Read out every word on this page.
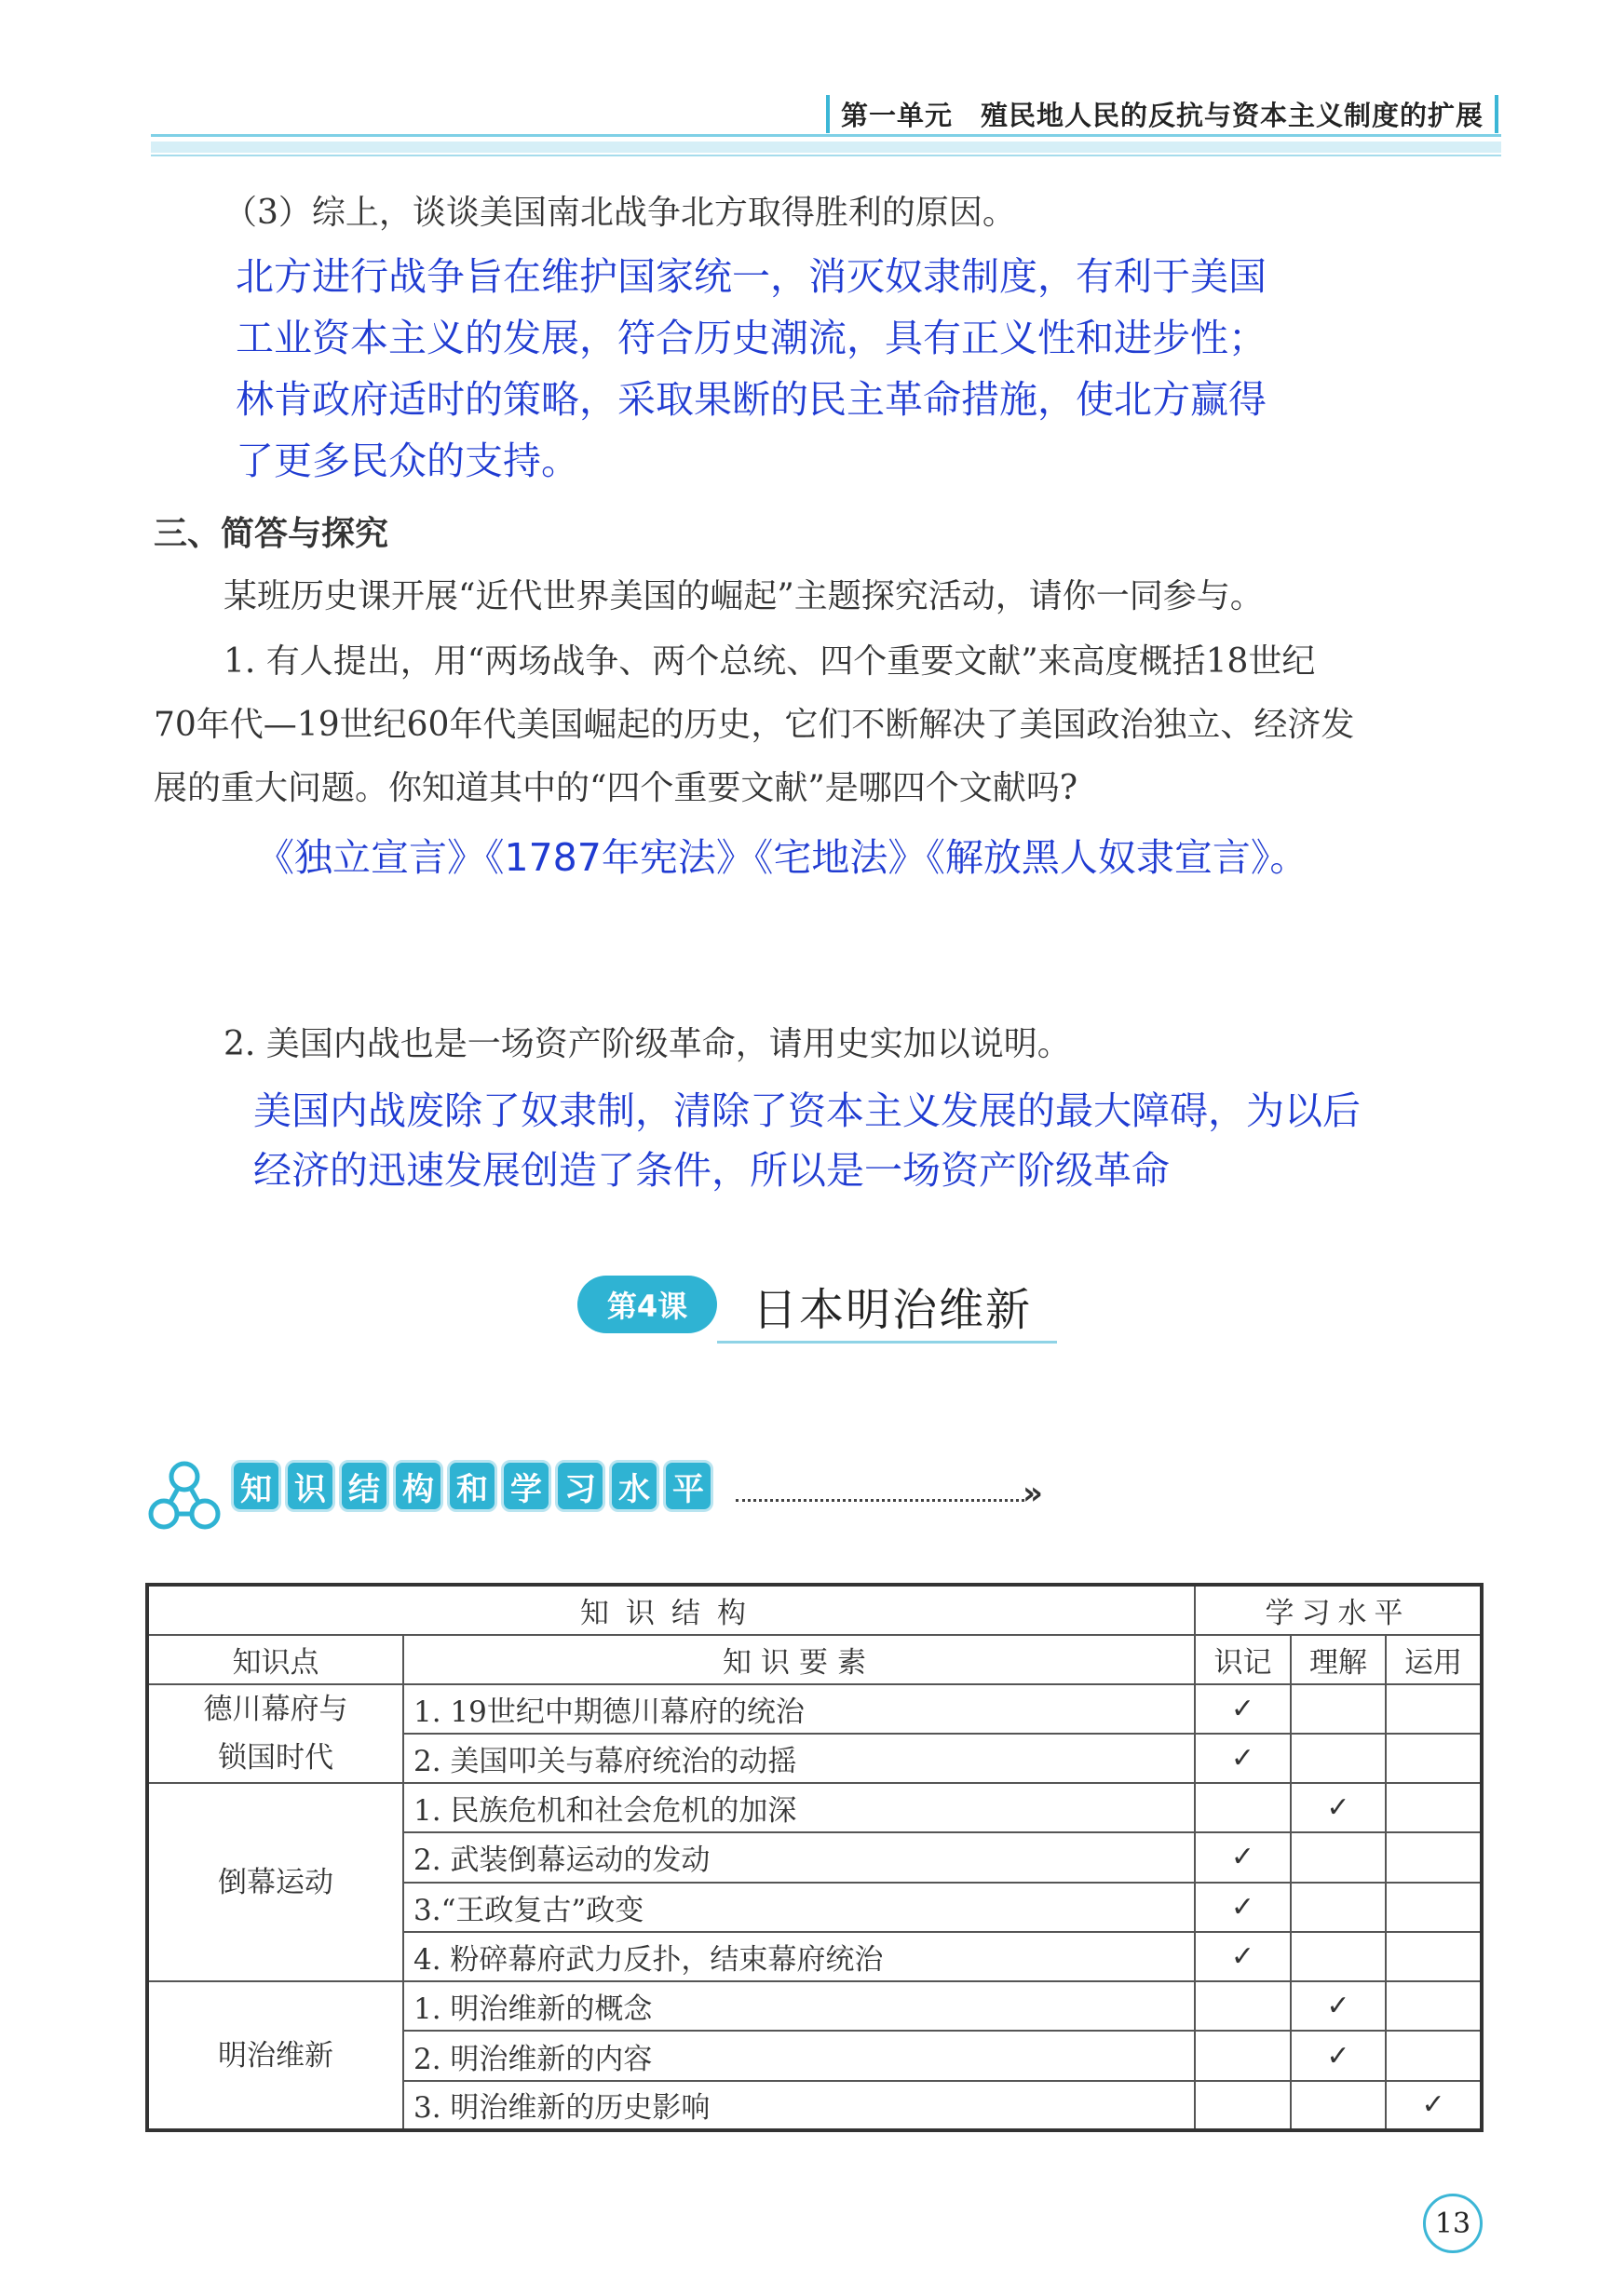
第一单元　殖民地人民的反抗与资本主义制度的扩展
（3）综上，谈谈美国南北战争北方取得胜利的原因。
北方进行战争旨在维护国家统一，消灭奴隶制度，有利于美国
工业资本主义的发展，符合历史潮流，具有正义性和进步性；
林肯政府适时的策略，采取果断的民主革命措施，使北方赢得
了更多民众的支持。
三、简答与探究
某班历史课开展“近代世界美国的崛起”主题探究活动，请你一同参与。
1. 有人提出，用“两场战争、两个总统、四个重要文献”来高度概括18世纪
70年代—19世纪60年代美国崛起的历史，它们不断解决了美国政治独立、经济发
展的重大问题。你知道其中的“四个重要文献”是哪四个文献吗?
《独立宣言》《1787年宪法》《宅地法》《解放黑人奴隶宣言》。
2. 美国内战也是一场资产阶级革命，请用史实加以说明。
美国内战废除了奴隶制，清除了资本主义发展的最大障碍，为以后
经济的迅速发展创造了条件，所以是一场资产阶级革命
第4课	日本明治维新
知 识 结 构 和 学 习 水 平	»
知识结构		学习水平		
知识点	知识要素	识记	理解	运用

德川幕府与
锁国时代	1. 19世纪中期德川幕府的统治	✓		
	2. 美国叩关与幕府统治的动摇	✓		

倒幕运动	1. 民族危机和社会危机的加深		✓	
	2. 武装倒幕运动的发动	✓		
	3.“王政复古”政变	✓		
	4. 粉碎幕府武力反扑，结束幕府统治	✓		

明治维新	1. 明治维新的概念		✓	
	2. 明治维新的内容		✓	
	3. 明治维新的历史影响			✓
13
